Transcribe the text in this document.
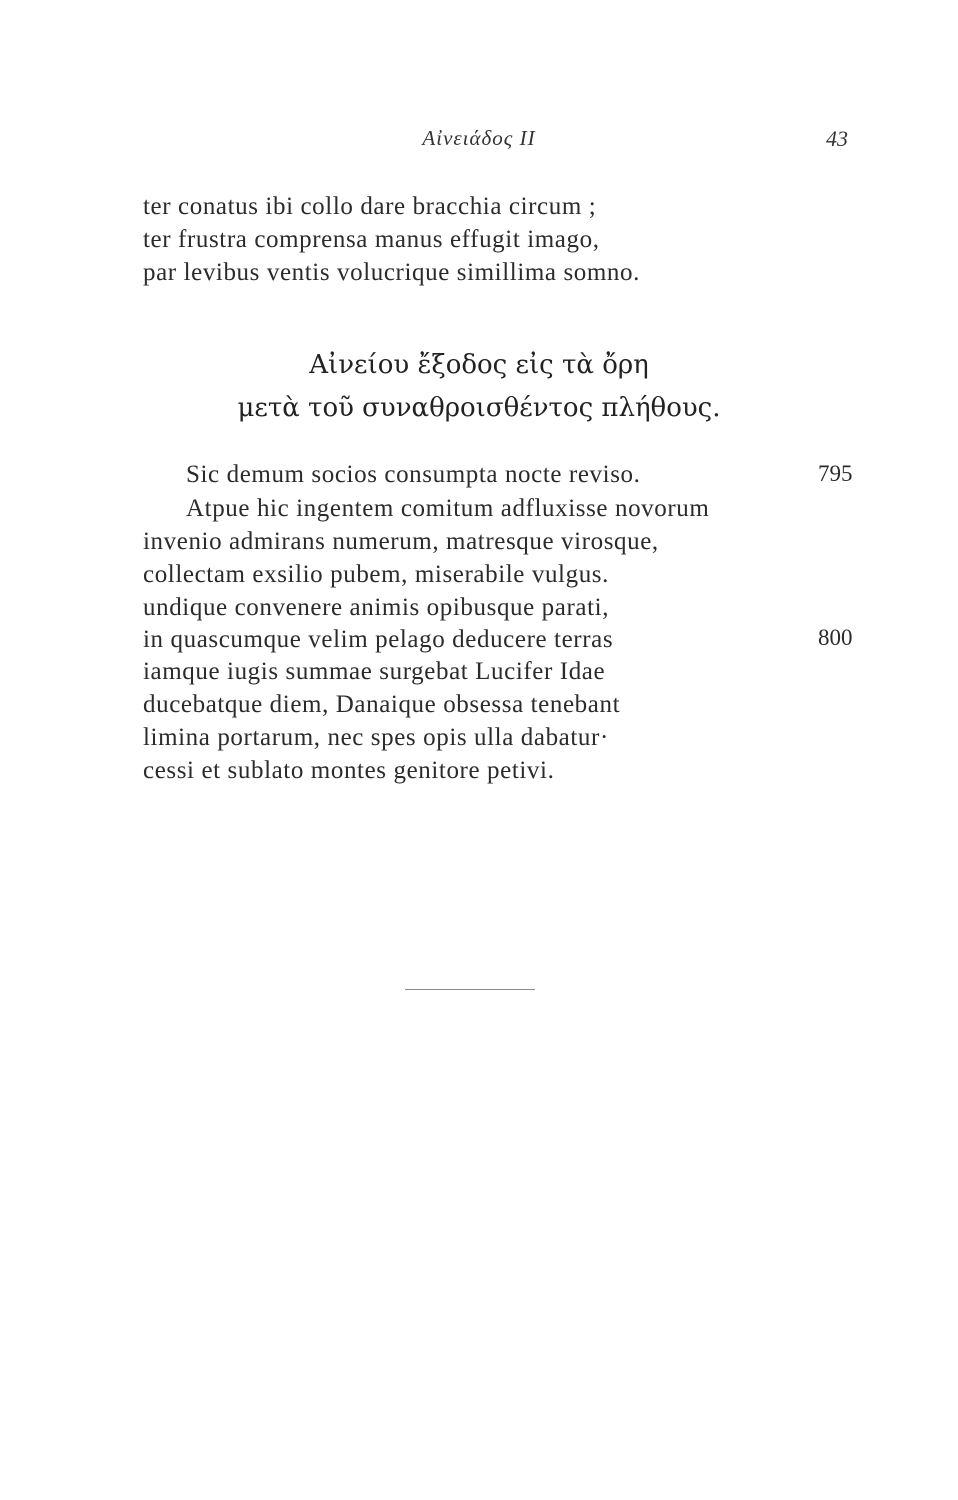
Αἰνειάδος II	43
ter conatus ibi collo dare bracchia circum ;
ter frustra comprensa manus effugit imago,
par levibus ventis volucrique simillima somno.
Αἰνείου ἔξοδος εἰς τὰ ὄρη
μετὰ τοῦ συναθροισθέντος πλήθους.
Sic demum socios consumpta nocte reviso.	795
Atpue hic ingentem comitum adfluxisse novorum
invenio admirans numerum, matresque virosque,
collectam exsilio pubem, miserabile vulgus.
undique convenere animis opibusque parati,
in quascumque velim pelago deducere terras	800
iamque iugis summae surgebat Lucifer Idae
ducebatque diem, Danaique obsessa tenebant
limina portarum, nec spes opis ulla dabatur·
cessi et sublato montes genitore petivi.
